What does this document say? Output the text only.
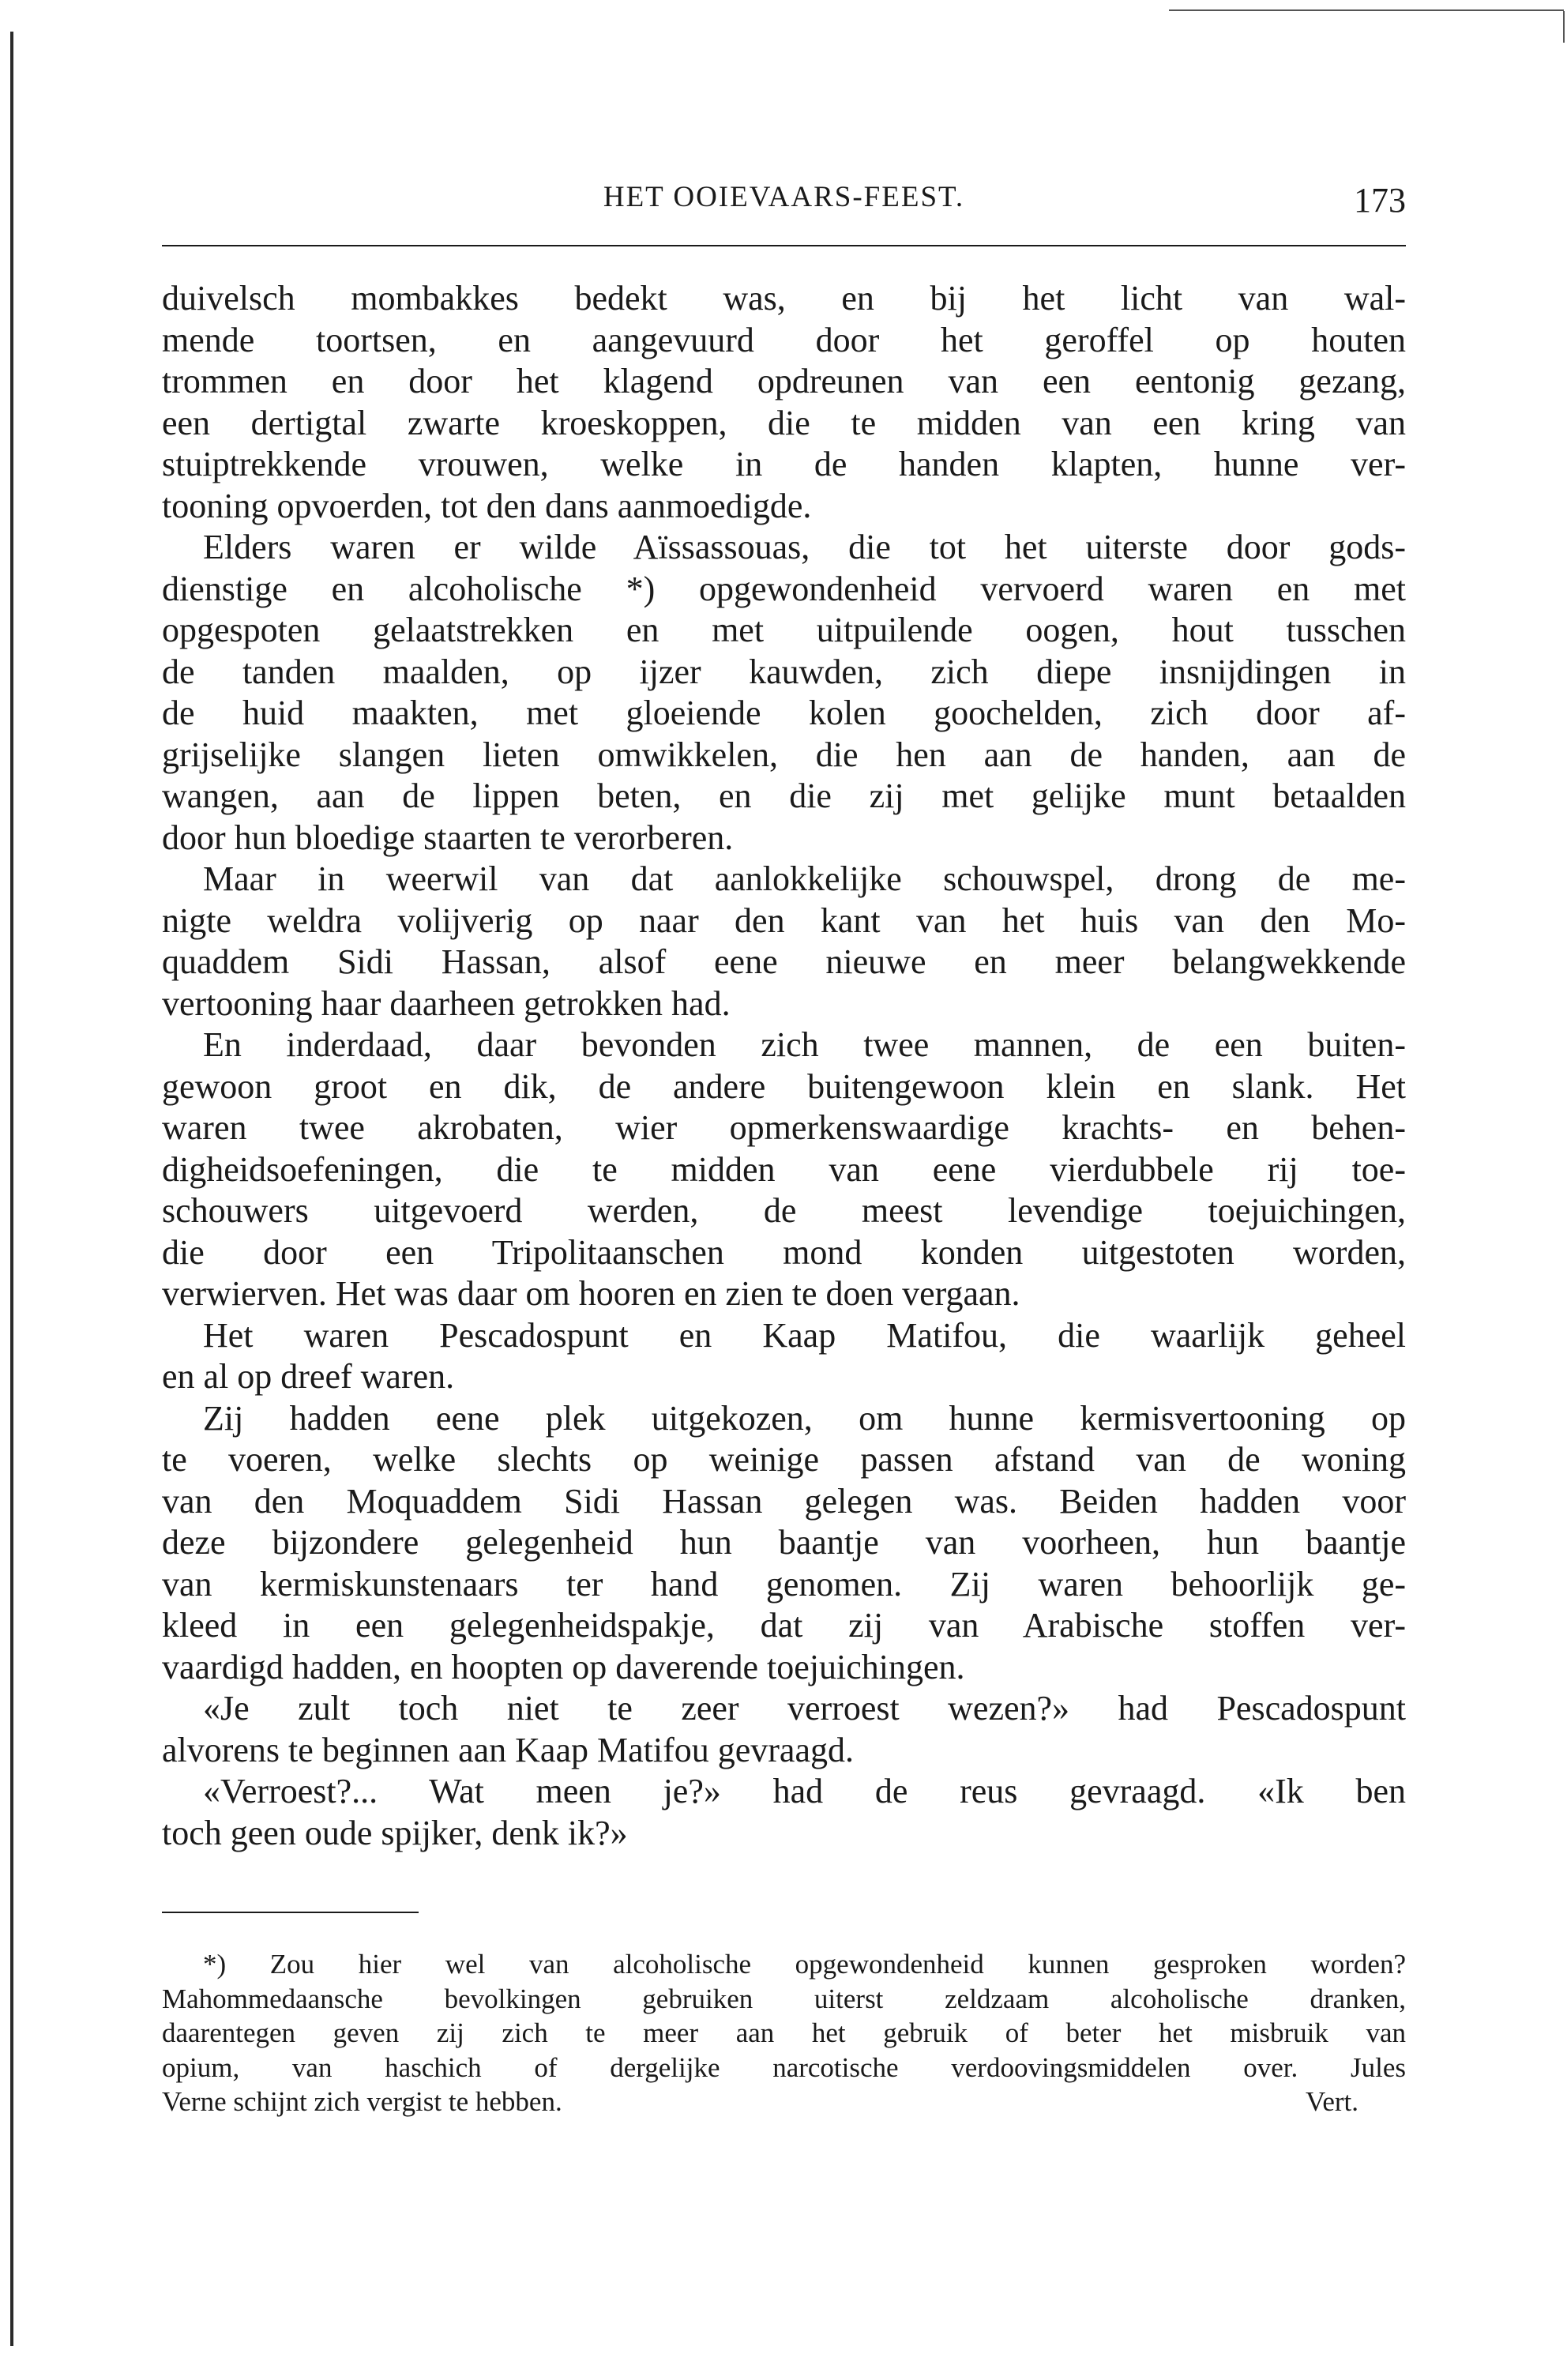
HET OOIEVAARS-FEEST.	173
duivelsch mombakkes bedekt was, en bij het licht van wal-
mende toortsen, en aangevuurd door het geroffel op houten
trommen en door het klagend opdreunen van een eentonig gezang,
een dertigtal zwarte kroeskoppen, die te midden van een kring van
stuiptrekkende vrouwen, welke in de handen klapten, hunne ver-
tooning opvoerden, tot den dans aanmoedigde.
Elders waren er wilde Aïssassouas, die tot het uiterste door gods-
dienstige en alcoholische *) opgewondenheid vervoerd waren en met
opgespoten gelaatstrekken en met uitpuilende oogen, hout tusschen
de tanden maalden, op ijzer kauwden, zich diepe insnijdingen in
de huid maakten, met gloeiende kolen goochelden, zich door af-
grijselijke slangen lieten omwikkelen, die hen aan de handen, aan de
wangen, aan de lippen beten, en die zij met gelijke munt betaalden
door hun bloedige staarten te verorberen.
Maar in weerwil van dat aanlokkelijke schouwspel, drong de me-
nigte weldra volijverig op naar den kant van het huis van den Mo-
quaddem Sidi Hassan, alsof eene nieuwe en meer belangwekkende
vertooning haar daarheen getrokken had.
En inderdaad, daar bevonden zich twee mannen, de een buiten-
gewoon groot en dik, de andere buitengewoon klein en slank. Het
waren twee akrobaten, wier opmerkenswaardige krachts- en behen-
digheidsoefeningen, die te midden van eene vierdubbele rij toe-
schouwers uitgevoerd werden, de meest levendige toejuichingen,
die door een Tripolitaanschen mond konden uitgestoten worden,
verwierven. Het was daar om hooren en zien te doen vergaan.
Het waren Pescadospunt en Kaap Matifou, die waarlijk geheel
en al op dreef waren.
Zij hadden eene plek uitgekozen, om hunne kermisvertooning op
te voeren, welke slechts op weinige passen afstand van de woning
van den Moquaddem Sidi Hassan gelegen was. Beiden hadden voor
deze bijzondere gelegenheid hun baantje van voorheen, hun baantje
van kermiskunstenaars ter hand genomen. Zij waren behoorlijk ge-
kleed in een gelegenheidspakje, dat zij van Arabische stoffen ver-
vaardigd hadden, en hoopten op daverende toejuichingen.
«Je zult toch niet te zeer verroest wezen?» had Pescadospunt
alvorens te beginnen aan Kaap Matifou gevraagd.
«Verroest?... Wat meen je?» had de reus gevraagd. «Ik ben
toch geen oude spijker, denk ik?»
*) Zou hier wel van alcoholische opgewondenheid kunnen gesproken worden?
Mahommedaansche bevolkingen gebruiken uiterst zeldzaam alcoholische dranken,
daarentegen geven zij zich te meer aan het gebruik of beter het misbruik van
opium, van haschich of dergelijke narcotische verdoovingsmiddelen over. Jules
Verne schijnt zich vergist te hebben.	Vert.
